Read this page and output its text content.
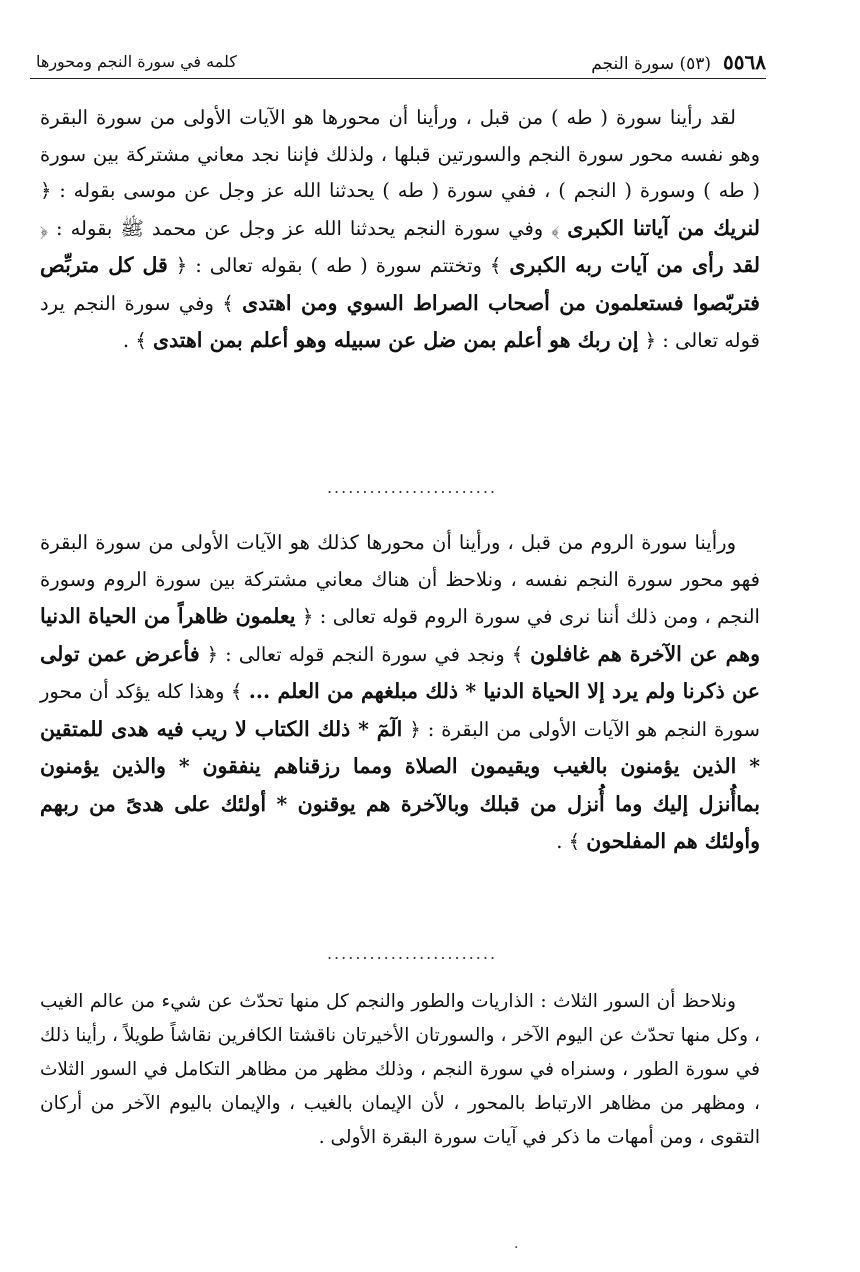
٥٥٦٨
(٥٣) سورة النجم
كلمه في سورة النجم ومحورها

لقد رأينا سورة ( طه ) من قبل ، ورأينا أن محورها هو الآيات الأولى من سورة البقرة وهو نفسه محور سورة النجم والسورتين قبلها ، ولذلك فإننا نجد معاني مشتركة بين سورة ( طه ) وسورة ( النجم ) ، ففي سورة ( طه ) يحدثنا الله عز وجل عن موسى بقوله : ﴿ لنريك من آياتنا الكبرى ﴾ وفي سورة النجم يحدثنا الله عز وجل عن محمد ﷺ بقوله : ﴿ لقد رأى من آيات ربه الكبرى ﴾ وتختتم سورة ( طه ) بقوله تعالى : ﴿ قل كل متربِّص فتربّصوا فستعلمون من أصحاب الصراط السوي ومن اهتدى ﴾ وفي سورة النجم يرد قوله تعالى : ﴿ إن ربك هو أعلم بمن ضل عن سبيله وهو أعلم بمن اهتدى ﴾ .

........................

ورأينا سورة الروم من قبل ، ورأينا أن محورها كذلك هو الآيات الأولى من سورة البقرة فهو محور سورة النجم نفسه ، ونلاحظ أن هناك معاني مشتركة بين سورة الروم وسورة النجم ، ومن ذلك أننا نرى في سورة الروم قوله تعالى : ﴿ يعلمون ظاهراً من الحياة الدنيا وهم عن الآخرة هم غافلون ﴾ ونجد في سورة النجم قوله تعالى : ﴿ فأعرض عمن تولى عن ذكرنا ولم يرد إلا الحياة الدنيا * ذلك مبلغهم من العلم ... ﴾ وهذا كله يؤكد أن محور سورة النجم هو الآيات الأولى من البقرة : ﴿ الٓمٓ * ذلك الكتاب لا ريب فيه هدى للمتقين * الذين يؤمنون بالغيب ويقيمون الصلاة ومما رزقناهم ينفقون * والذين يؤمنون بماأُنزل إليك وما أُنزل من قبلك وبالآخرة هم يوقنون * أولئك على هدىً من ربهم وأولئك هم المفلحون ﴾ .

........................

ونلاحظ أن السور الثلاث : الذاريات والطور والنجم كل منها تحدّث عن شيء من عالم الغيب ، وكل منها تحدّث عن اليوم الآخر ، والسورتان الأخيرتان ناقشتا الكافرين نقاشاً طويلاً ، رأينا ذلك في سورة الطور ، وسنراه في سورة النجم ، وذلك مظهر من مظاهر التكامل في السور الثلاث ، ومظهر من مظاهر الارتباط بالمحور ، لأن الإيمان بالغيب ، والإيمان باليوم الآخر من أركان التقوى ، ومن أمهات ما ذكر في آيات سورة البقرة الأولى .

.
